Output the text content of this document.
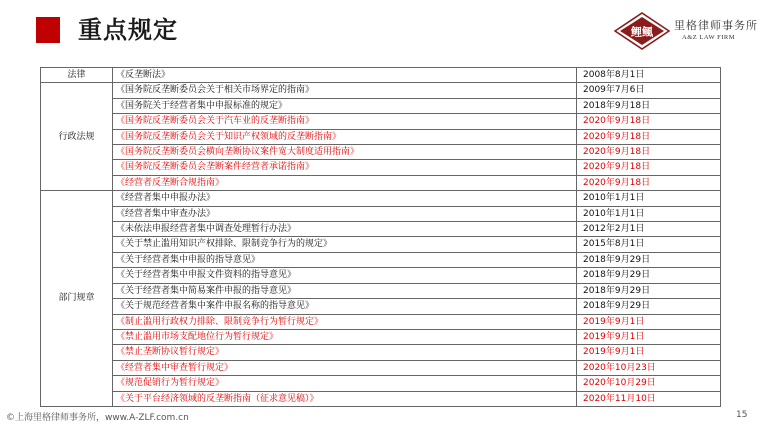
重点规定	鲤鲺 里格律师事务所
A&Z LAW FIRM
法律	《反垄断法》	2008年8月1日
行政法规	《国务院反垄断委员会关于相关市场界定的指南》	2009年7月6日
	《国务院关于经营者集中申报标准的规定》	2018年9月18日
	《国务院反垄断委员会关于汽车业的反垄断指南》	2020年9月18日
	《国务院反垄断委员会关于知识产权领域的反垄断指南》	2020年9月18日
	《国务院反垄断委员会横向垄断协议案件宽大制度适用指南》	2020年9月18日
	《国务院反垄断委员会垄断案件经营者承诺指南》	2020年9月18日
	《经营者反垄断合规指南》	2020年9月18日
部门规章	《经营者集中申报办法》	2010年1月1日
	《经营者集中审查办法》	2010年1月1日
	《未依法申报经营者集中调查处理暂行办法》	2012年2月1日
	《关于禁止滥用知识产权排除、限制竞争行为的规定》	2015年8月1日
	《关于经营者集中申报的指导意见》	2018年9月29日
	《关于经营者集中申报文件资料的指导意见》	2018年9月29日
	《关于经营者集中简易案件申报的指导意见》	2018年9月29日
	《关于规范经营者集中案件申报名称的指导意见》	2018年9月29日
	《制止滥用行政权力排除、限制竞争行为暂行规定》	2019年9月1日
	《禁止滥用市场支配地位行为暂行规定》	2019年9月1日
	《禁止垄断协议暂行规定》	2019年9月1日
	《经营者集中审查暂行规定》	2020年10月23日
	《规范促销行为暂行规定》	2020年10月29日
	《关于平台经济领域的反垄断指南（征求意见稿）》	2020年11月10日
©上海里格律师事务所，www.A-ZLF.com.cn	15
